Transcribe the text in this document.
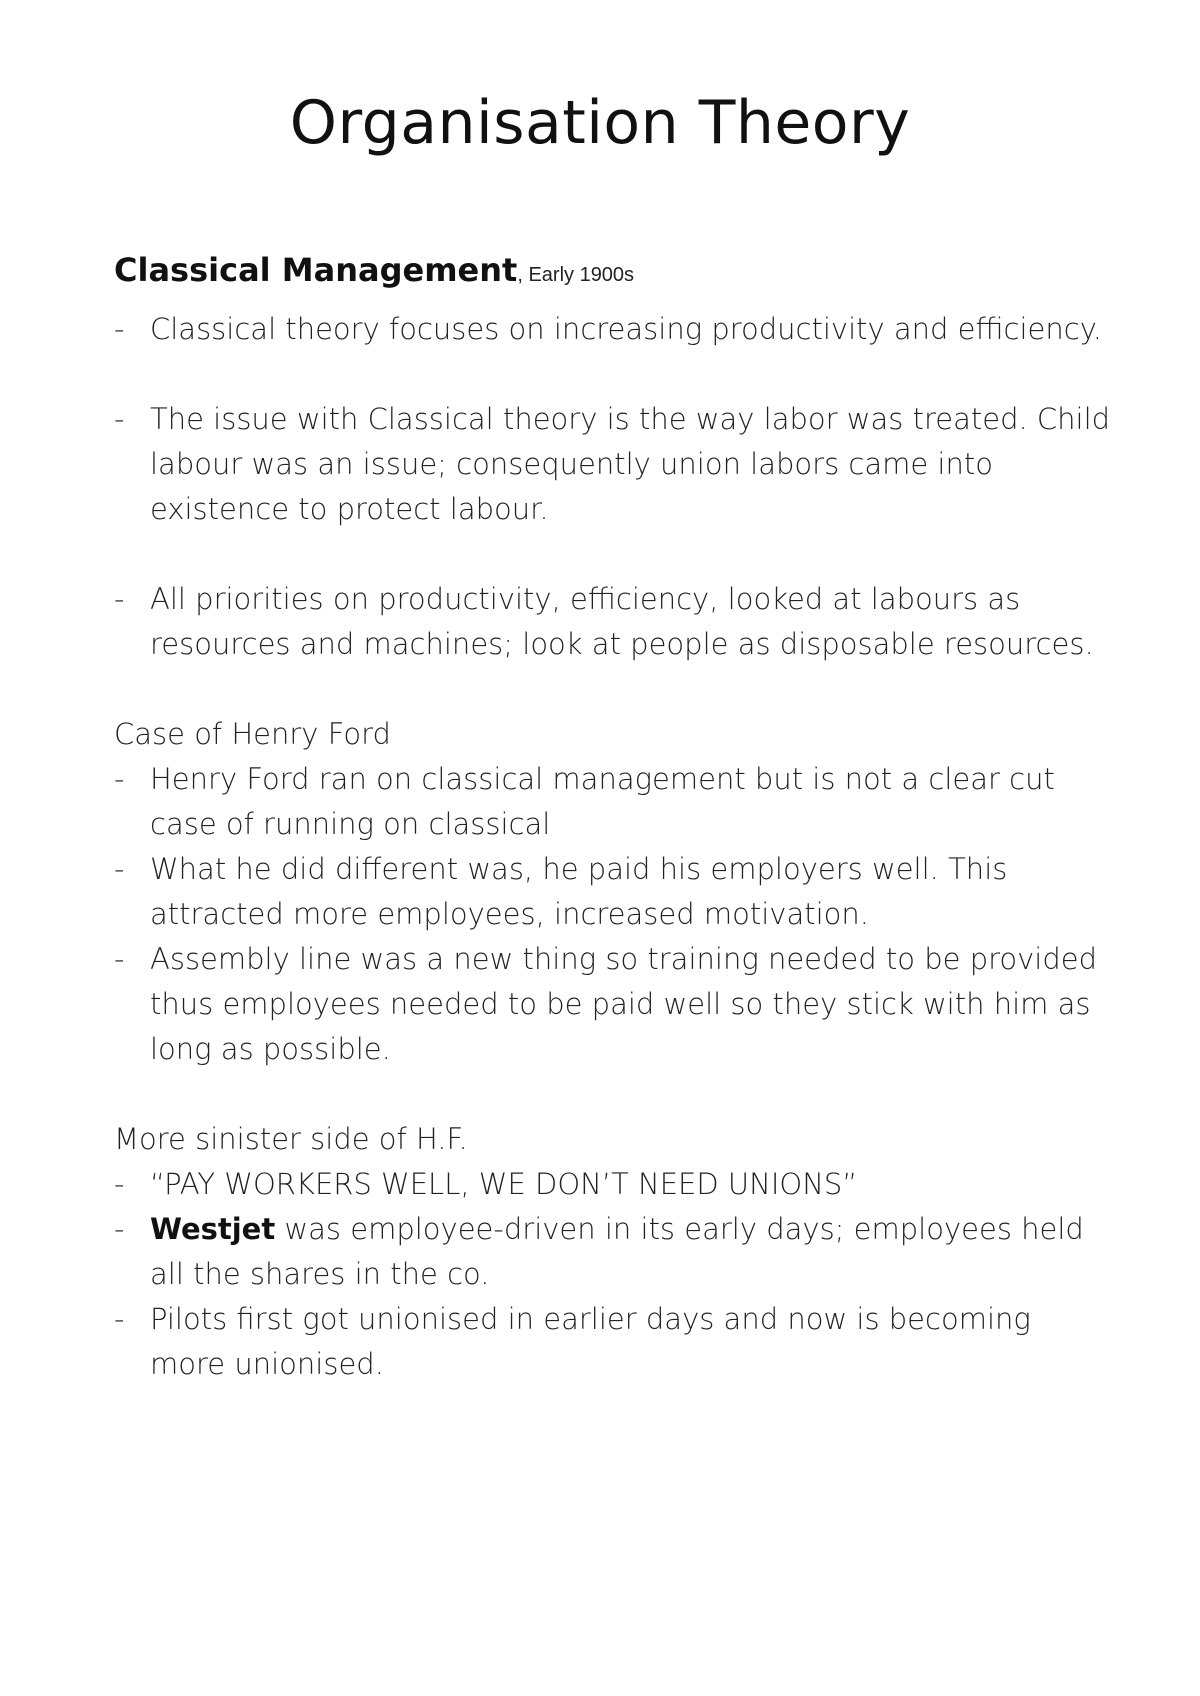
Organisation Theory

Classical Management, Early 1900s

- Classical theory focuses on increasing productivity and efficiency.
- The issue with Classical theory is the way labor was treated. Child labour was an issue; consequently union labors came into existence to protect labour.
- All priorities on productivity, efficiency, looked at labours as resources and machines; look at people as disposable resources.

Case of Henry Ford

- Henry Ford ran on classical management but is not a clear cut case of running on classical
- What he did different was, he paid his employers well. This attracted more employees, increased motivation.
- Assembly line was a new thing so training needed to be provided thus employees needed to be paid well so they stick with him as long as possible.

More sinister side of H.F.

- “PAY WORKERS WELL, WE DON’T NEED UNIONS”
- Westjet was employee-driven in its early days; employees held all the shares in the co.
- Pilots first got unionised in earlier days and now is becoming more unionised.
